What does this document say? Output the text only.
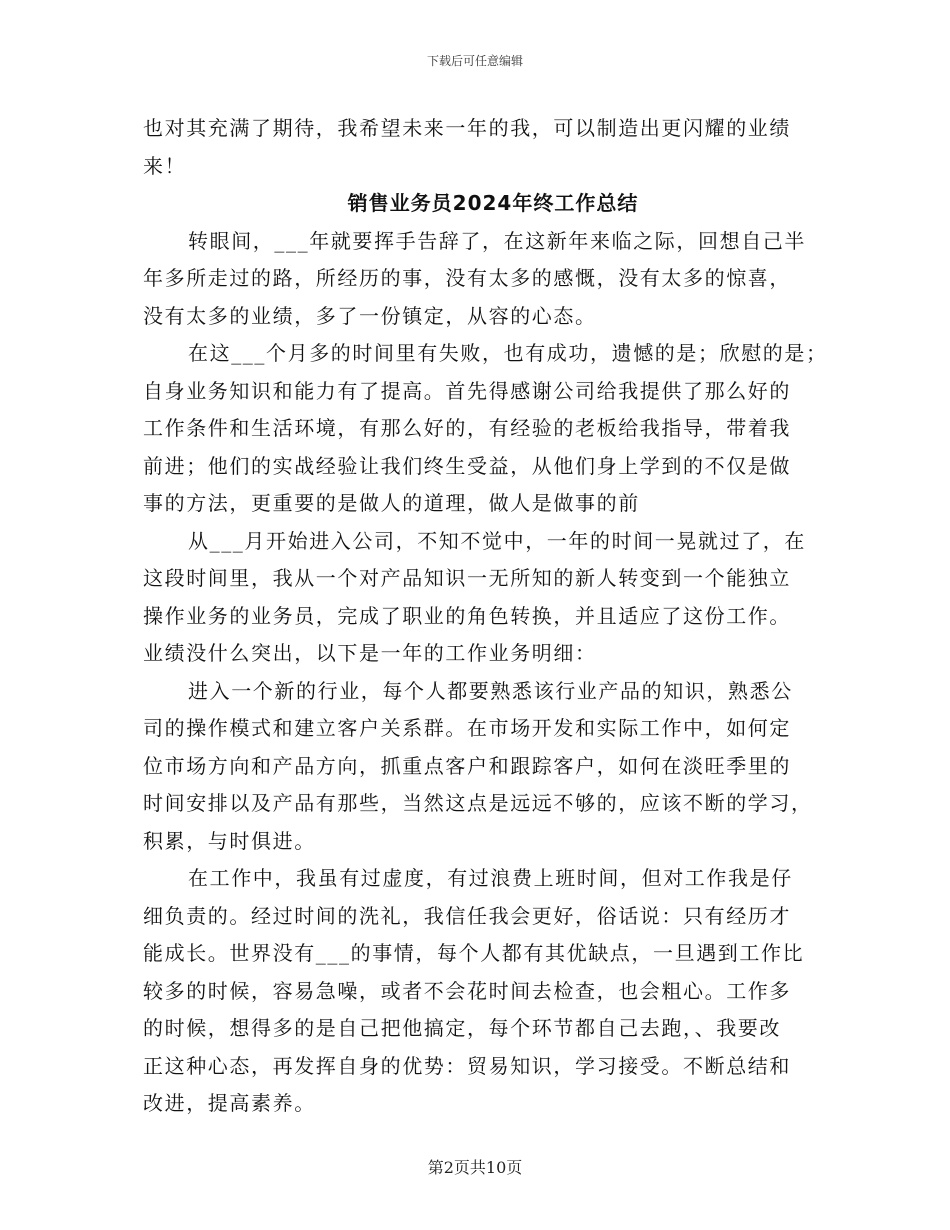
下载后可任意编辑
也对其充满了期待，我希望未来一年的我，可以制造出更闪耀的业绩
来！
销售业务员2024年终工作总结
转眼间，___年就要挥手告辞了，在这新年来临之际，回想自己半
年多所走过的路，所经历的事，没有太多的感慨，没有太多的惊喜，
没有太多的业绩，多了一份镇定，从容的心态。
在这___个月多的时间里有失败，也有成功，遗憾的是；欣慰的是；
自身业务知识和能力有了提高。首先得感谢公司给我提供了那么好的
工作条件和生活环境，有那么好的，有经验的老板给我指导，带着我
前进；他们的实战经验让我们终生受益，从他们身上学到的不仅是做
事的方法，更重要的是做人的道理，做人是做事的前
从___月开始进入公司，不知不觉中，一年的时间一晃就过了，在
这段时间里，我从一个对产品知识一无所知的新人转变到一个能独立
操作业务的业务员，完成了职业的角色转换，并且适应了这份工作。
业绩没什么突出，以下是一年的工作业务明细：
进入一个新的行业，每个人都要熟悉该行业产品的知识，熟悉公
司的操作模式和建立客户关系群。在市场开发和实际工作中，如何定
位市场方向和产品方向，抓重点客户和跟踪客户，如何在淡旺季里的
时间安排以及产品有那些，当然这点是远远不够的，应该不断的学习，
积累，与时俱进。
在工作中，我虽有过虚度，有过浪费上班时间，但对工作我是仔
细负责的。经过时间的洗礼，我信任我会更好，俗话说：只有经历才
能成长。世界没有___的事情，每个人都有其优缺点，一旦遇到工作比
较多的时候，容易急噪，或者不会花时间去检查，也会粗心。工作多
的时候，想得多的是自己把他搞定，每个环节都自己去跑，、我要改
正这种心态，再发挥自身的优势：贸易知识，学习接受。不断总结和
改进，提高素养。
第2页共10页
